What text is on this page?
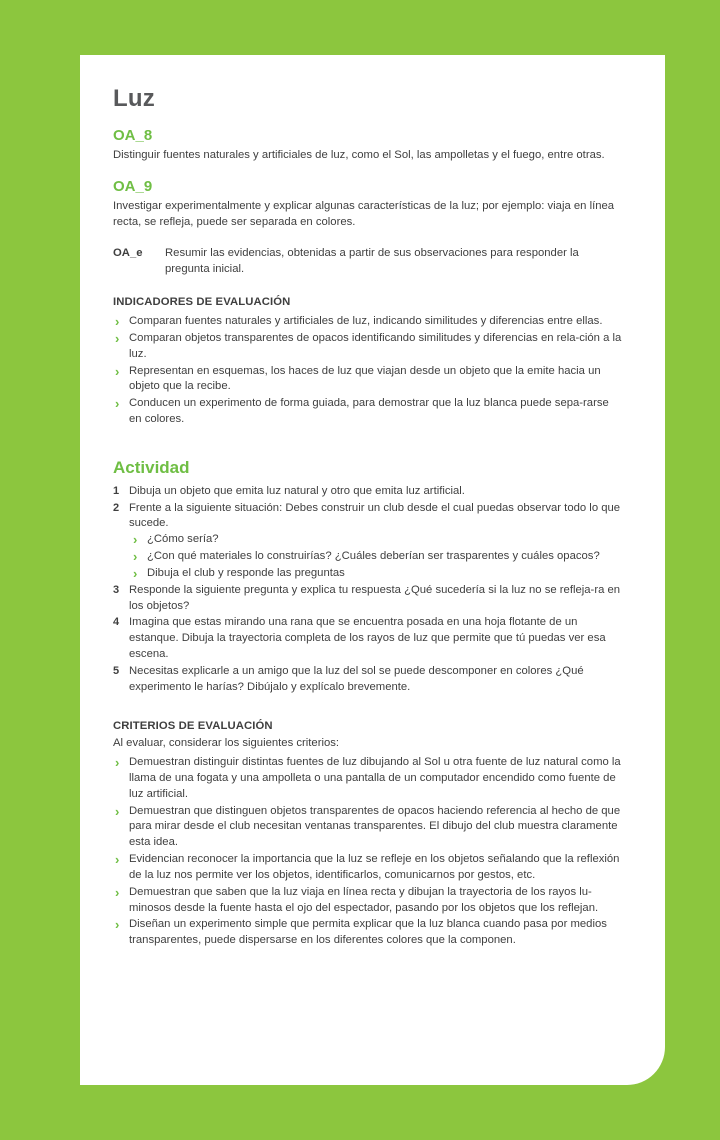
Luz
OA_8

Distinguir fuentes naturales y artificiales de luz, como el Sol, las ampolletas y el fuego, entre otras.

OA_9

Investigar experimentalmente y explicar algunas características de la luz; por ejemplo: viaja en línea recta, se refleja, puede ser separada en colores.

OA_e	Resumir las evidencias, obtenidas a partir de sus observaciones para responder la pregunta inicial.
INDICADORES DE EVALUACIÓN
› Comparan fuentes naturales y artificiales de luz, indicando similitudes y diferencias entre ellas.
› Comparan objetos transparentes de opacos identificando similitudes y diferencias en rela-ción a la luz.
› Representan en esquemas, los haces de luz que viajan desde un objeto que la emite hacia un objeto que la recibe.
› Conducen un experimento de forma guiada, para demostrar que la luz blanca puede sepa-rarse en colores.
Actividad
1 Dibuja un objeto que emita luz natural y otro que emita luz artificial.
2 Frente a la siguiente situación: Debes construir un club desde el cual puedas observar todo lo que sucede.
› ¿Cómo sería?
› ¿Con qué materiales lo construirías? ¿Cuáles deberían ser trasparentes y cuáles opacos?
› Dibuja el club y responde las preguntas
3 Responde la siguiente pregunta y explica tu respuesta ¿Qué sucedería si la luz no se refleja-ra en los objetos?
4 Imagina que estas mirando una rana que se encuentra posada en una hoja flotante de un estanque. Dibuja la trayectoria completa de los rayos de luz que permite que tú puedas ver esa escena.
5 Necesitas explicarle a un amigo que la luz del sol se puede descomponer en colores ¿Qué experimento le harías? Dibújalo y explícalo brevemente.
CRITERIOS DE EVALUACIÓN

Al evaluar, considerar los siguientes criterios:

› Demuestran distinguir distintas fuentes de luz dibujando al Sol u otra fuente de luz natural como la llama de una fogata y una ampolleta o una pantalla de un computador encendido como fuente de luz artificial.
› Demuestran que distinguen objetos transparentes de opacos haciendo referencia al hecho de que para mirar desde el club necesitan ventanas transparentes. El dibujo del club muestra claramente esta idea.
› Evidencian reconocer la importancia que la luz se refleje en los objetos señalando que la reflexión de la luz nos permite ver los objetos, identificarlos, comunicarnos por gestos, etc.
› Demuestran que saben que la luz viaja en línea recta y dibujan la trayectoria de los rayos lu-minosos desde la fuente hasta el ojo del espectador, pasando por los objetos que los reflejan.
› Diseñan un experimento simple que permita explicar que la luz blanca cuando pasa por medios transparentes, puede dispersarse en los diferentes colores que la componen.
